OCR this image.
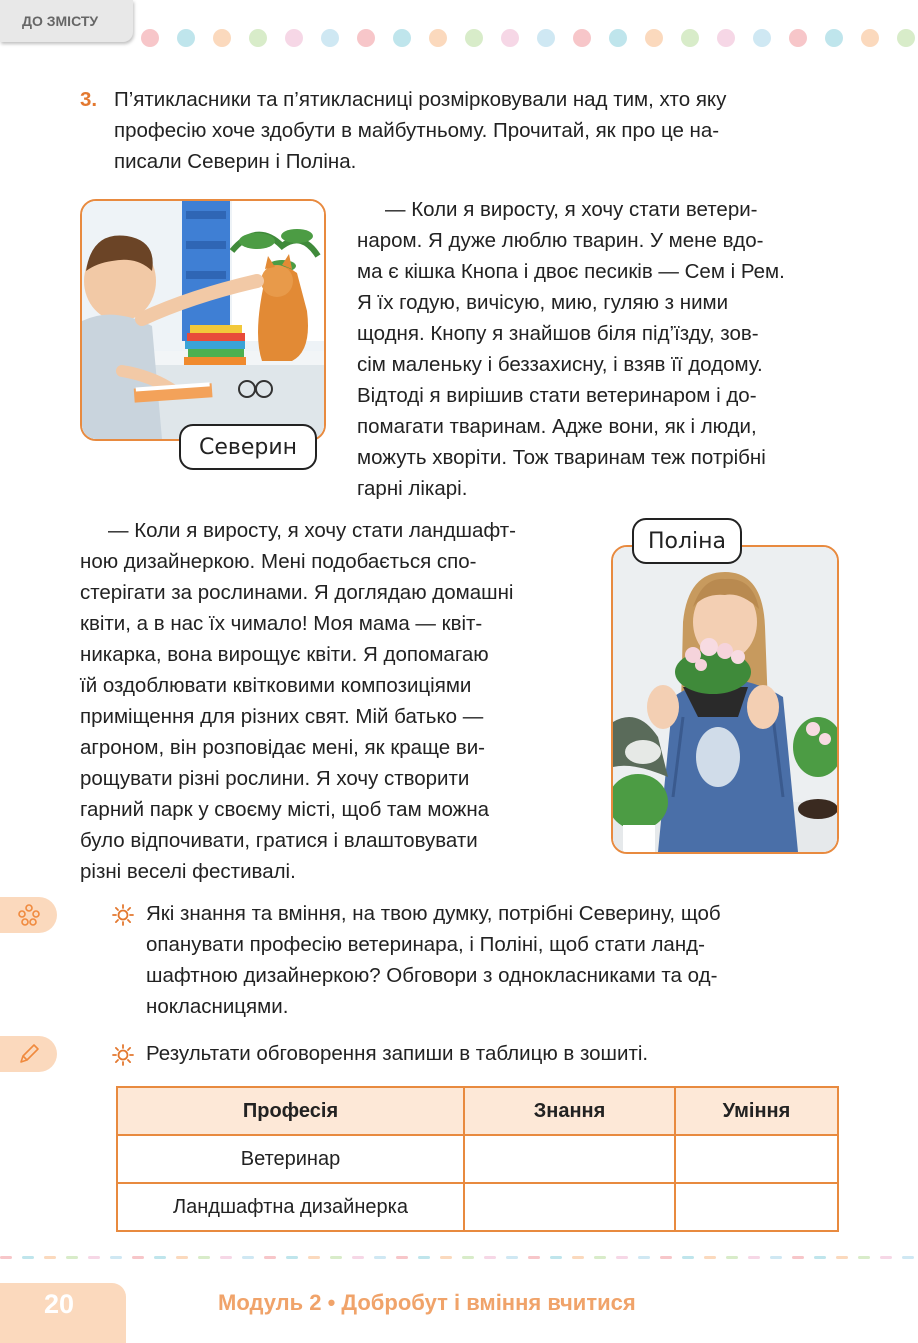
ДО ЗМІСТУ
3. П’ятикласники та п’ятикласниці розмірковували над тим, хто яку
професію хоче здобути в майбутньому. Прочитай, як про це на-
писали Северин і Поліна.
Северин
— Коли я виросту, я хочу стати ветери-
наром. Я дуже люблю тварин. У мене вдо-
ма є кішка Кнопа і двоє песиків — Сем і Рем.
Я їх годую, вичісую, мию, гуляю з ними
щодня. Кнопу я знайшов біля під’їзду, зов-
сім маленьку і беззахисну, і взяв її додому.
Відтоді я вирішив стати ветеринаром і до-
помагати тваринам. Адже вони, як і люди,
можуть хворіти. Тож тваринам теж потрібні
гарні лікарі.
— Коли я виросту, я хочу стати ландшафт-
ною дизайнеркою. Мені подобається спо-
стерігати за рослинами. Я доглядаю домашні
квіти, а в нас їх чимало! Моя мама — квіт-
никарка, вона вирощує квіти. Я допомагаю
їй оздоблювати квітковими композиціями
приміщення для різних свят. Мій батько —
агроном, він розповідає мені, як краще ви-
рощувати різні рослини. Я хочу створити
гарний парк у своєму місті, щоб там можна
було відпочивати, гратися і влаштовувати
різні веселі фестивалі.
Поліна
Які знання та вміння, на твою думку, потрібні Северину, щоб
опанувати професію ветеринара, і Поліні, щоб стати ланд-
шафтною дизайнеркою? Обговори з однокласниками та од-
нокласницями.
Результати обговорення запиши в таблицю в зошиті.
Професія	Знання	Уміння
Ветеринар		
Ландшафтна дизайнерка		
20	Модуль 2 • Добробут і вміння вчитися
